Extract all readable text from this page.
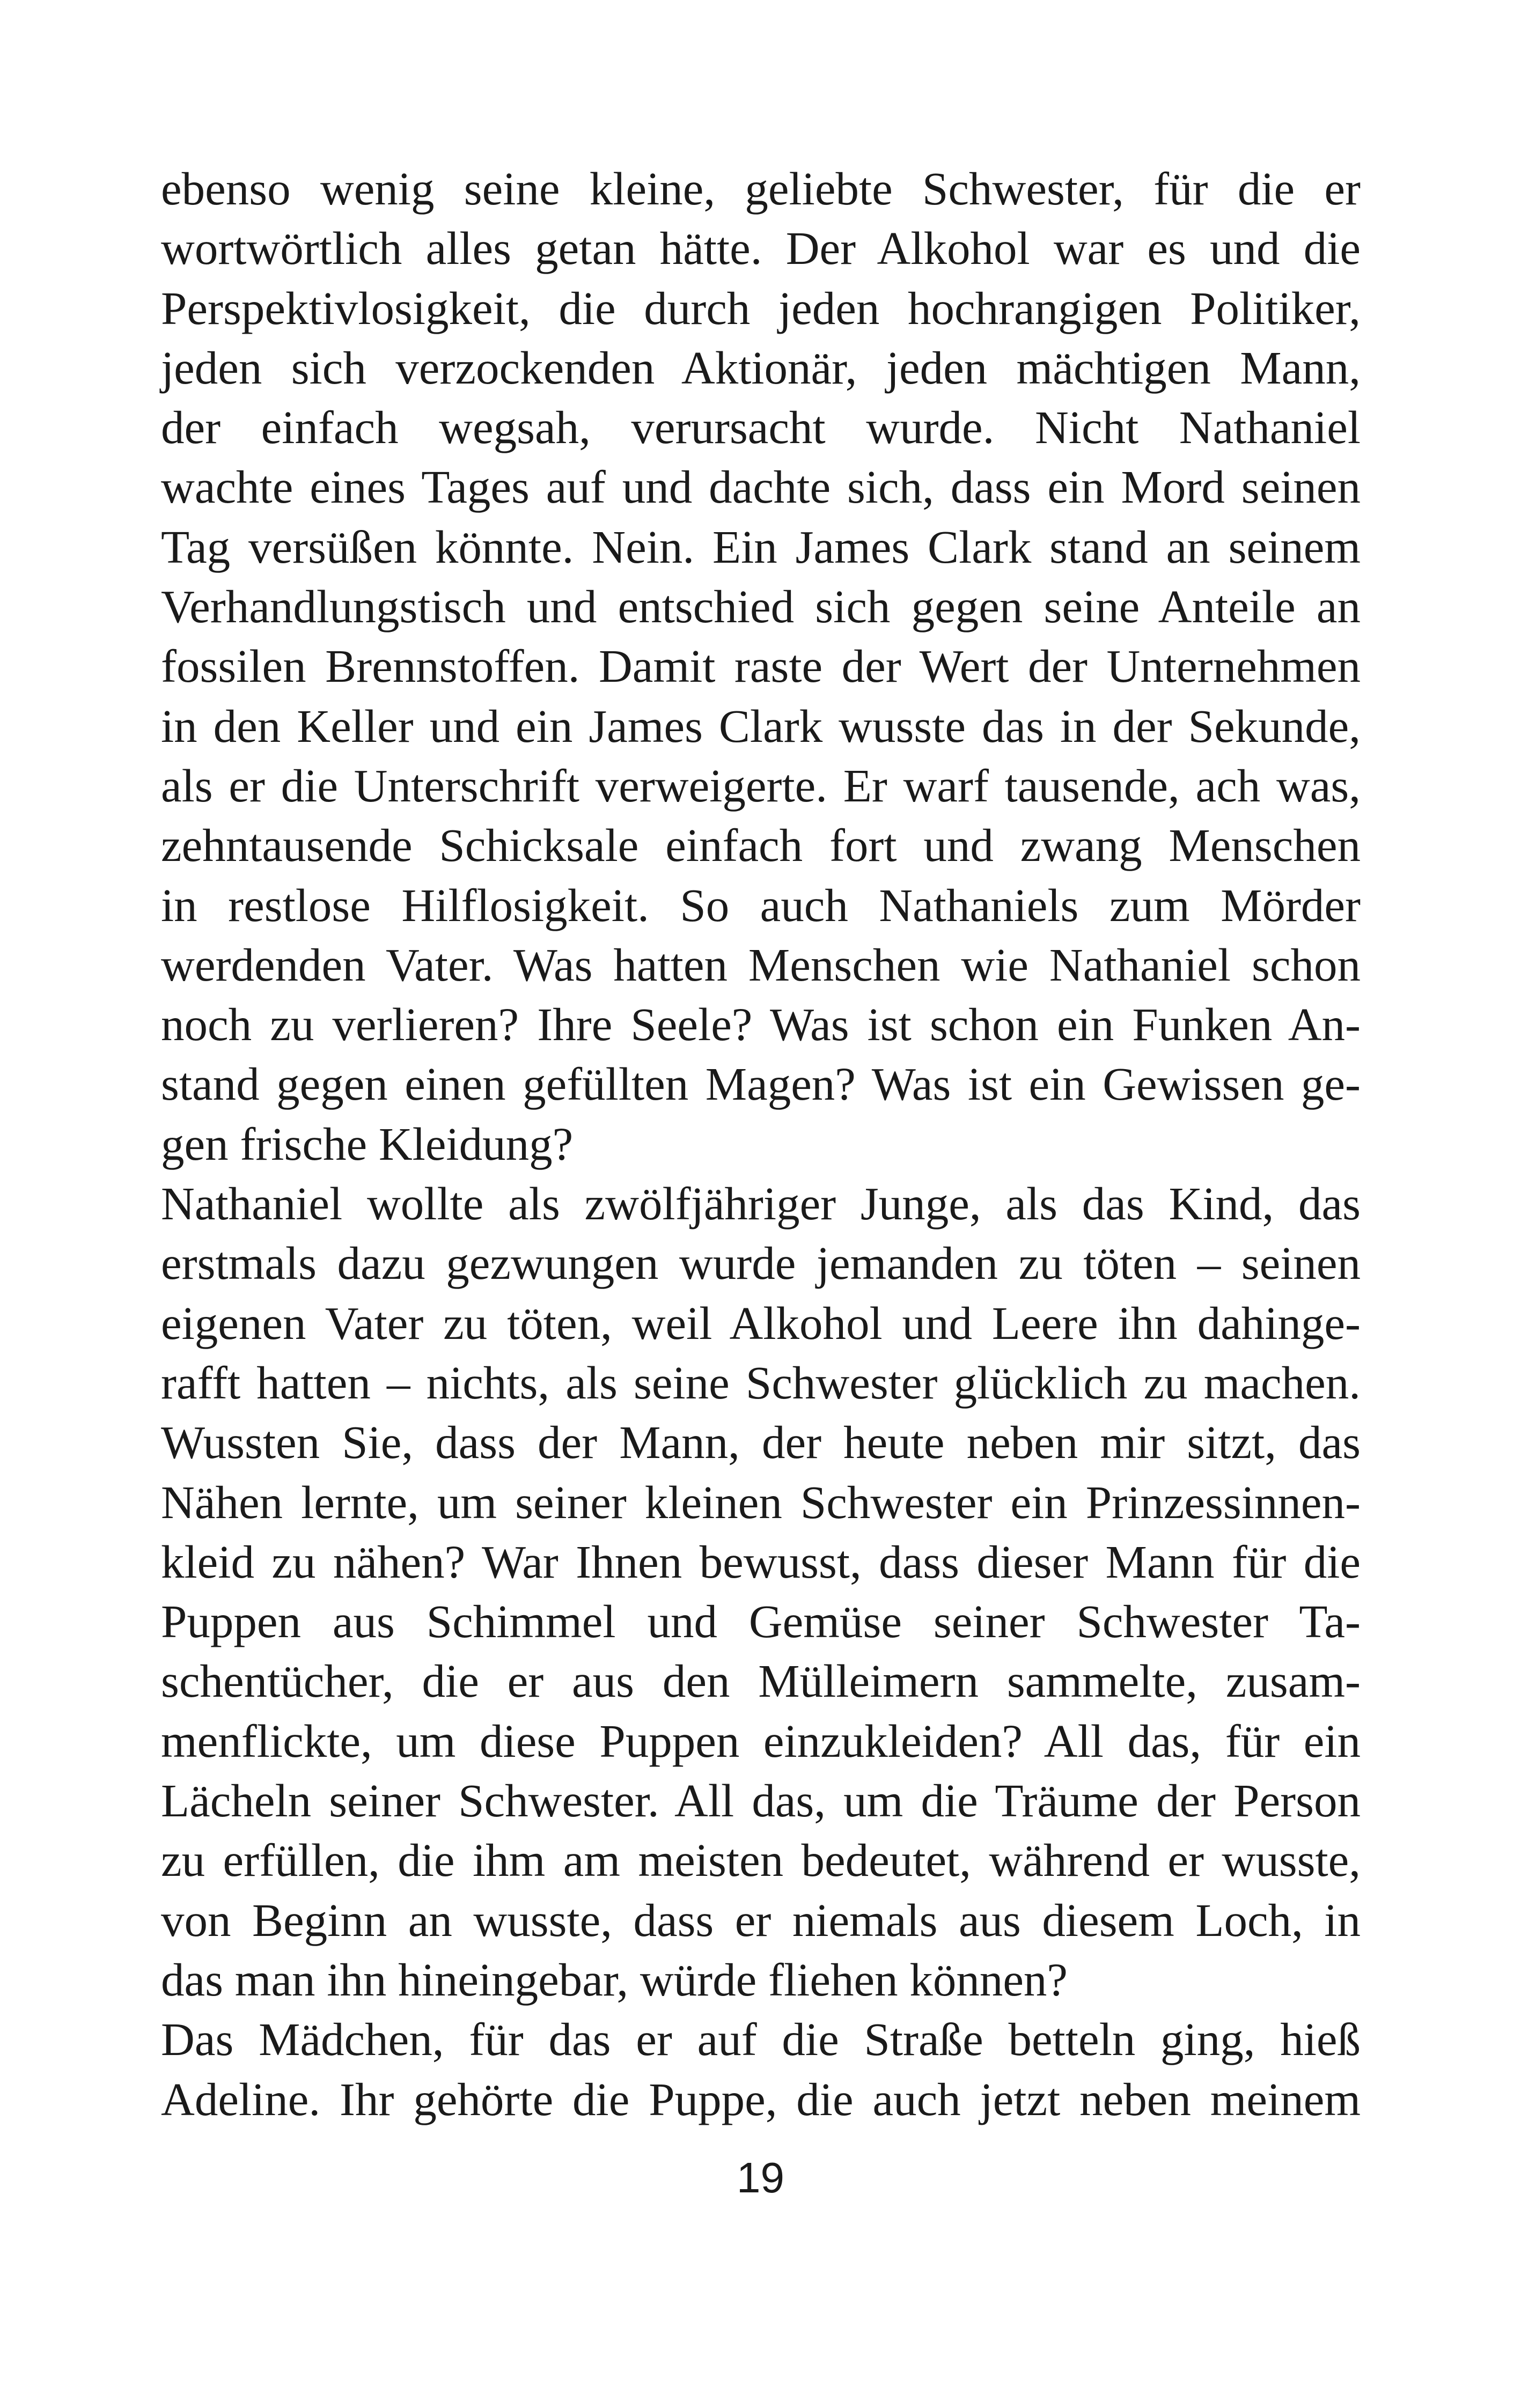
ebenso wenig seine kleine, geliebte Schwester, für die er
wortwörtlich alles getan hätte. Der Alkohol war es und die
Perspektivlosigkeit, die durch jeden hochrangigen Politiker,
jeden sich verzockenden Aktionär, jeden mächtigen Mann,
der einfach wegsah, verursacht wurde. Nicht Nathaniel
wachte eines Tages auf und dachte sich, dass ein Mord seinen
Tag versüßen könnte. Nein. Ein James Clark stand an seinem
Verhandlungstisch und entschied sich gegen seine Anteile an
fossilen Brennstoffen. Damit raste der Wert der Unternehmen
in den Keller und ein James Clark wusste das in der Sekunde,
als er die Unterschrift verweigerte. Er warf tausende, ach was,
zehntausende Schicksale einfach fort und zwang Menschen
in restlose Hilflosigkeit. So auch Nathaniels zum Mörder
werdenden Vater. Was hatten Menschen wie Nathaniel schon
noch zu verlieren? Ihre Seele? Was ist schon ein Funken An-
stand gegen einen gefüllten Magen? Was ist ein Gewissen ge-
gen frische Kleidung?
Nathaniel wollte als zwölfjähriger Junge, als das Kind, das
erstmals dazu gezwungen wurde jemanden zu töten – seinen
eigenen Vater zu töten, weil Alkohol und Leere ihn dahinge-
rafft hatten – nichts, als seine Schwester glücklich zu machen.
Wussten Sie, dass der Mann, der heute neben mir sitzt, das
Nähen lernte, um seiner kleinen Schwester ein Prinzessinnen-
kleid zu nähen? War Ihnen bewusst, dass dieser Mann für die
Puppen aus Schimmel und Gemüse seiner Schwester Ta-
schentücher, die er aus den Mülleimern sammelte, zusam-
menflickte, um diese Puppen einzukleiden? All das, für ein
Lächeln seiner Schwester. All das, um die Träume der Person
zu erfüllen, die ihm am meisten bedeutet, während er wusste,
von Beginn an wusste, dass er niemals aus diesem Loch, in
das man ihn hineingebar, würde fliehen können?
Das Mädchen, für das er auf die Straße betteln ging, hieß
Adeline. Ihr gehörte die Puppe, die auch jetzt neben meinem
19
